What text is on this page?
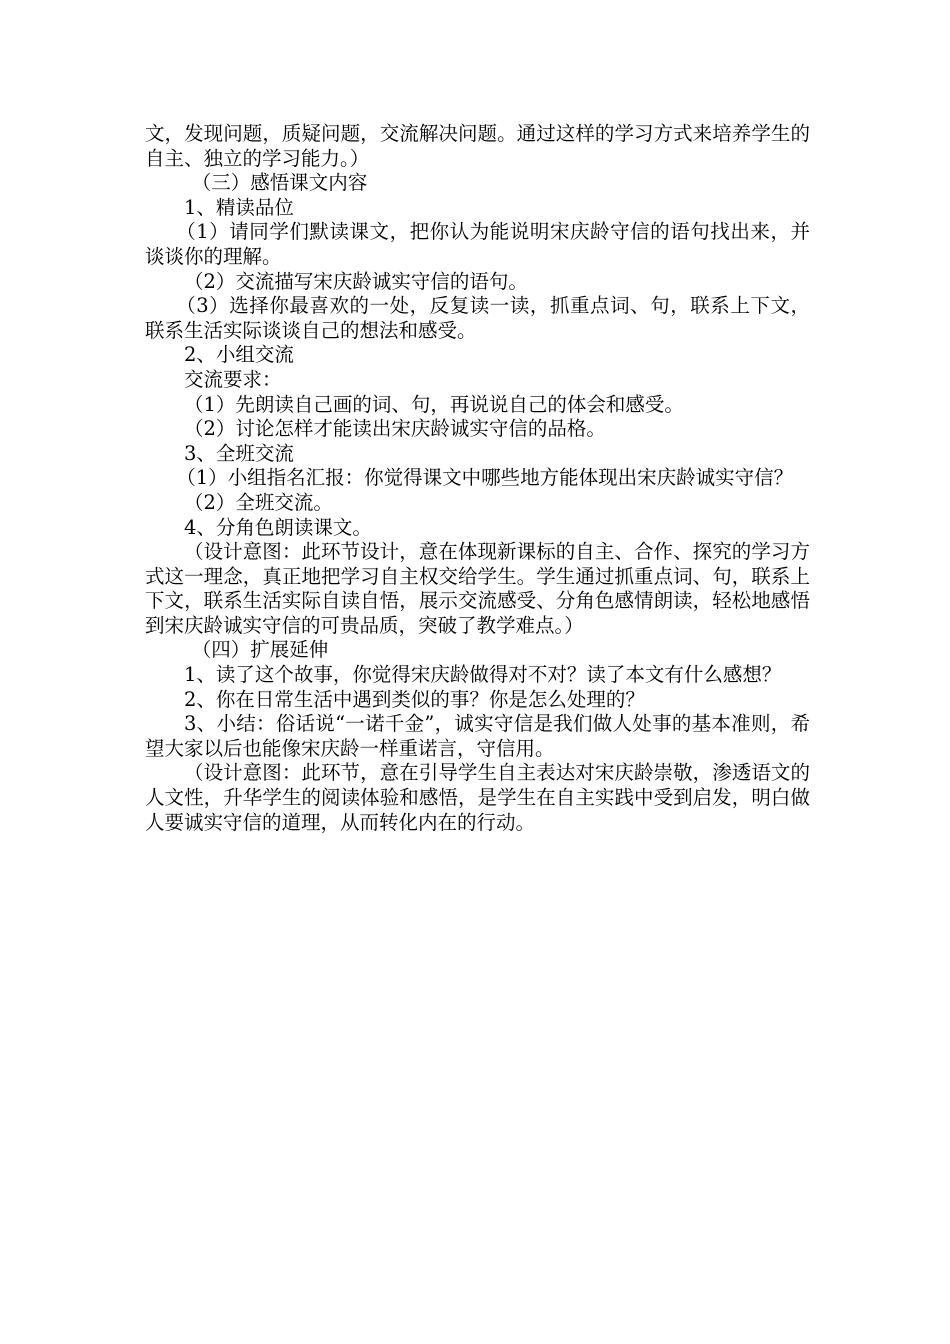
文，发现问题，质疑问题，交流解决问题。通过这样的学习方式来培养学生的自主、独立的学习能力。）

（三）感悟课文内容

1、精读品位

（1）请同学们默读课文，把你认为能说明宋庆龄守信的语句找出来，并谈谈你的理解。

（2）交流描写宋庆龄诚实守信的语句。

（3）选择你最喜欢的一处，反复读一读，抓重点词、句，联系上下文，联系生活实际谈谈自己的想法和感受。

2、小组交流

交流要求：

（1）先朗读自己画的词、句，再说说自己的体会和感受。

（2）讨论怎样才能读出宋庆龄诚实守信的品格。

3、全班交流

（1）小组指名汇报：你觉得课文中哪些地方能体现出宋庆龄诚实守信？

（2）全班交流。

4、分角色朗读课文。

（设计意图：此环节设计，意在体现新课标的自主、合作、探究的学习方式这一理念，真正地把学习自主权交给学生。学生通过抓重点词、句，联系上下文，联系生活实际自读自悟，展示交流感受、分角色感情朗读，轻松地感悟到宋庆龄诚实守信的可贵品质，突破了教学难点。）

（四）扩展延伸

1、读了这个故事，你觉得宋庆龄做得对不对？读了本文有什么感想？

2、你在日常生活中遇到类似的事？你是怎么处理的？

3、小结：俗话说“一诺千金”，诚实守信是我们做人处事的基本准则，希望大家以后也能像宋庆龄一样重诺言，守信用。

（设计意图：此环节，意在引导学生自主表达对宋庆龄崇敬，渗透语文的人文性，升华学生的阅读体验和感悟，是学生在自主实践中受到启发，明白做人要诚实守信的道理，从而转化内在的行动。
